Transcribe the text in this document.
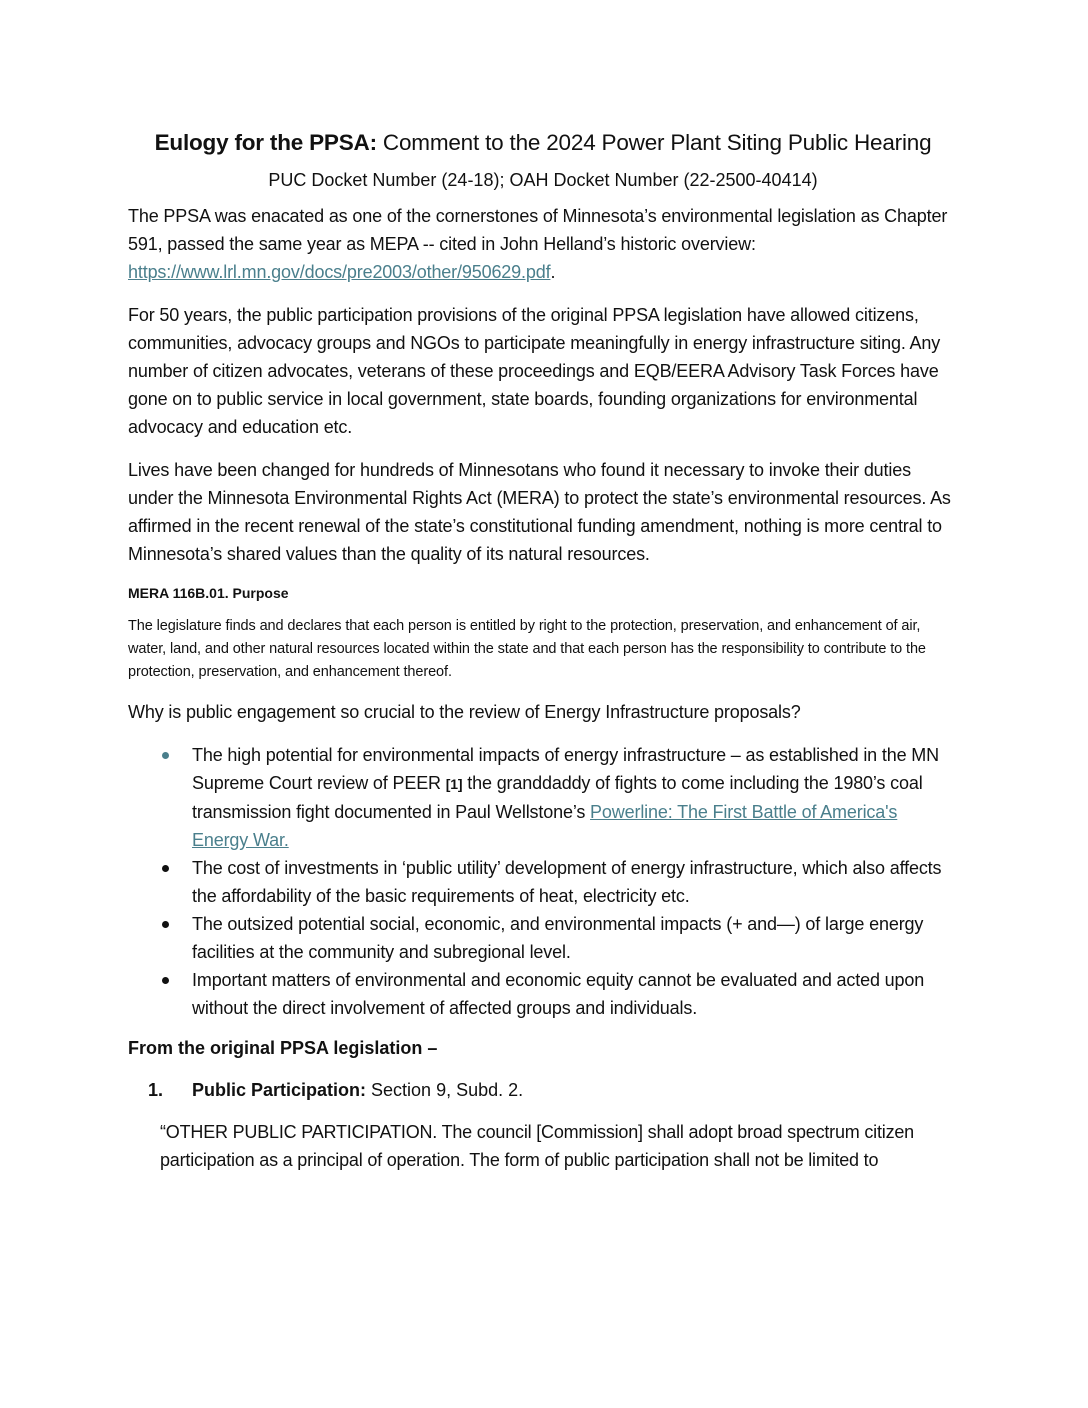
Eulogy for the PPSA: Comment to the 2024 Power Plant Siting Public Hearing
PUC Docket Number (24-18); OAH Docket Number (22-2500-40414)

The PPSA was enacated as one of the cornerstones of Minnesota’s environmental legislation as Chapter 591, passed the same year as MEPA -- cited in John Helland’s historic overview: https://www.lrl.mn.gov/docs/pre2003/other/950629.pdf.

For 50 years, the public participation provisions of the original PPSA legislation have allowed citizens, communities, advocacy groups and NGOs to participate meaningfully in energy infrastructure siting. Any number of citizen advocates, veterans of these proceedings and EQB/EERA Advisory Task Forces have gone on to public service in local government, state boards, founding organizations for environmental advocacy and education etc.

Lives have been changed for hundreds of Minnesotans who found it necessary to invoke their duties under the Minnesota Environmental Rights Act (MERA) to protect the state’s environmental resources. As affirmed in the recent renewal of the state’s constitutional funding amendment, nothing is more central to Minnesota’s shared values than the quality of its natural resources.

MERA 116B.01. Purpose

The legislature finds and declares that each person is entitled by right to the protection, preservation, and enhancement of air, water, land, and other natural resources located within the state and that each person has the responsibility to contribute to the protection, preservation, and enhancement thereof.

Why is public engagement so crucial to the review of Energy Infrastructure proposals?

The high potential for environmental impacts of energy infrastructure – as established in the MN Supreme Court review of PEER [1] the granddaddy of fights to come including the 1980’s coal transmission fight documented in Paul Wellstone’s Powerline: The First Battle of America's Energy War.
The cost of investments in ‘public utility’ development of energy infrastructure, which also affects the affordability of the basic requirements of heat, electricity etc.
The outsized potential social, economic, and environmental impacts (+ and—) of large energy facilities at the community and subregional level.
Important matters of environmental and economic equity cannot be evaluated and acted upon without the direct involvement of affected groups and individuals.
From the original PPSA legislation –
1. Public Participation: Section 9, Subd. 2.

“OTHER PUBLIC PARTICIPATION. The council [Commission] shall adopt broad spectrum citizen participation as a principal of operation. The form of public participation shall not be limited to
